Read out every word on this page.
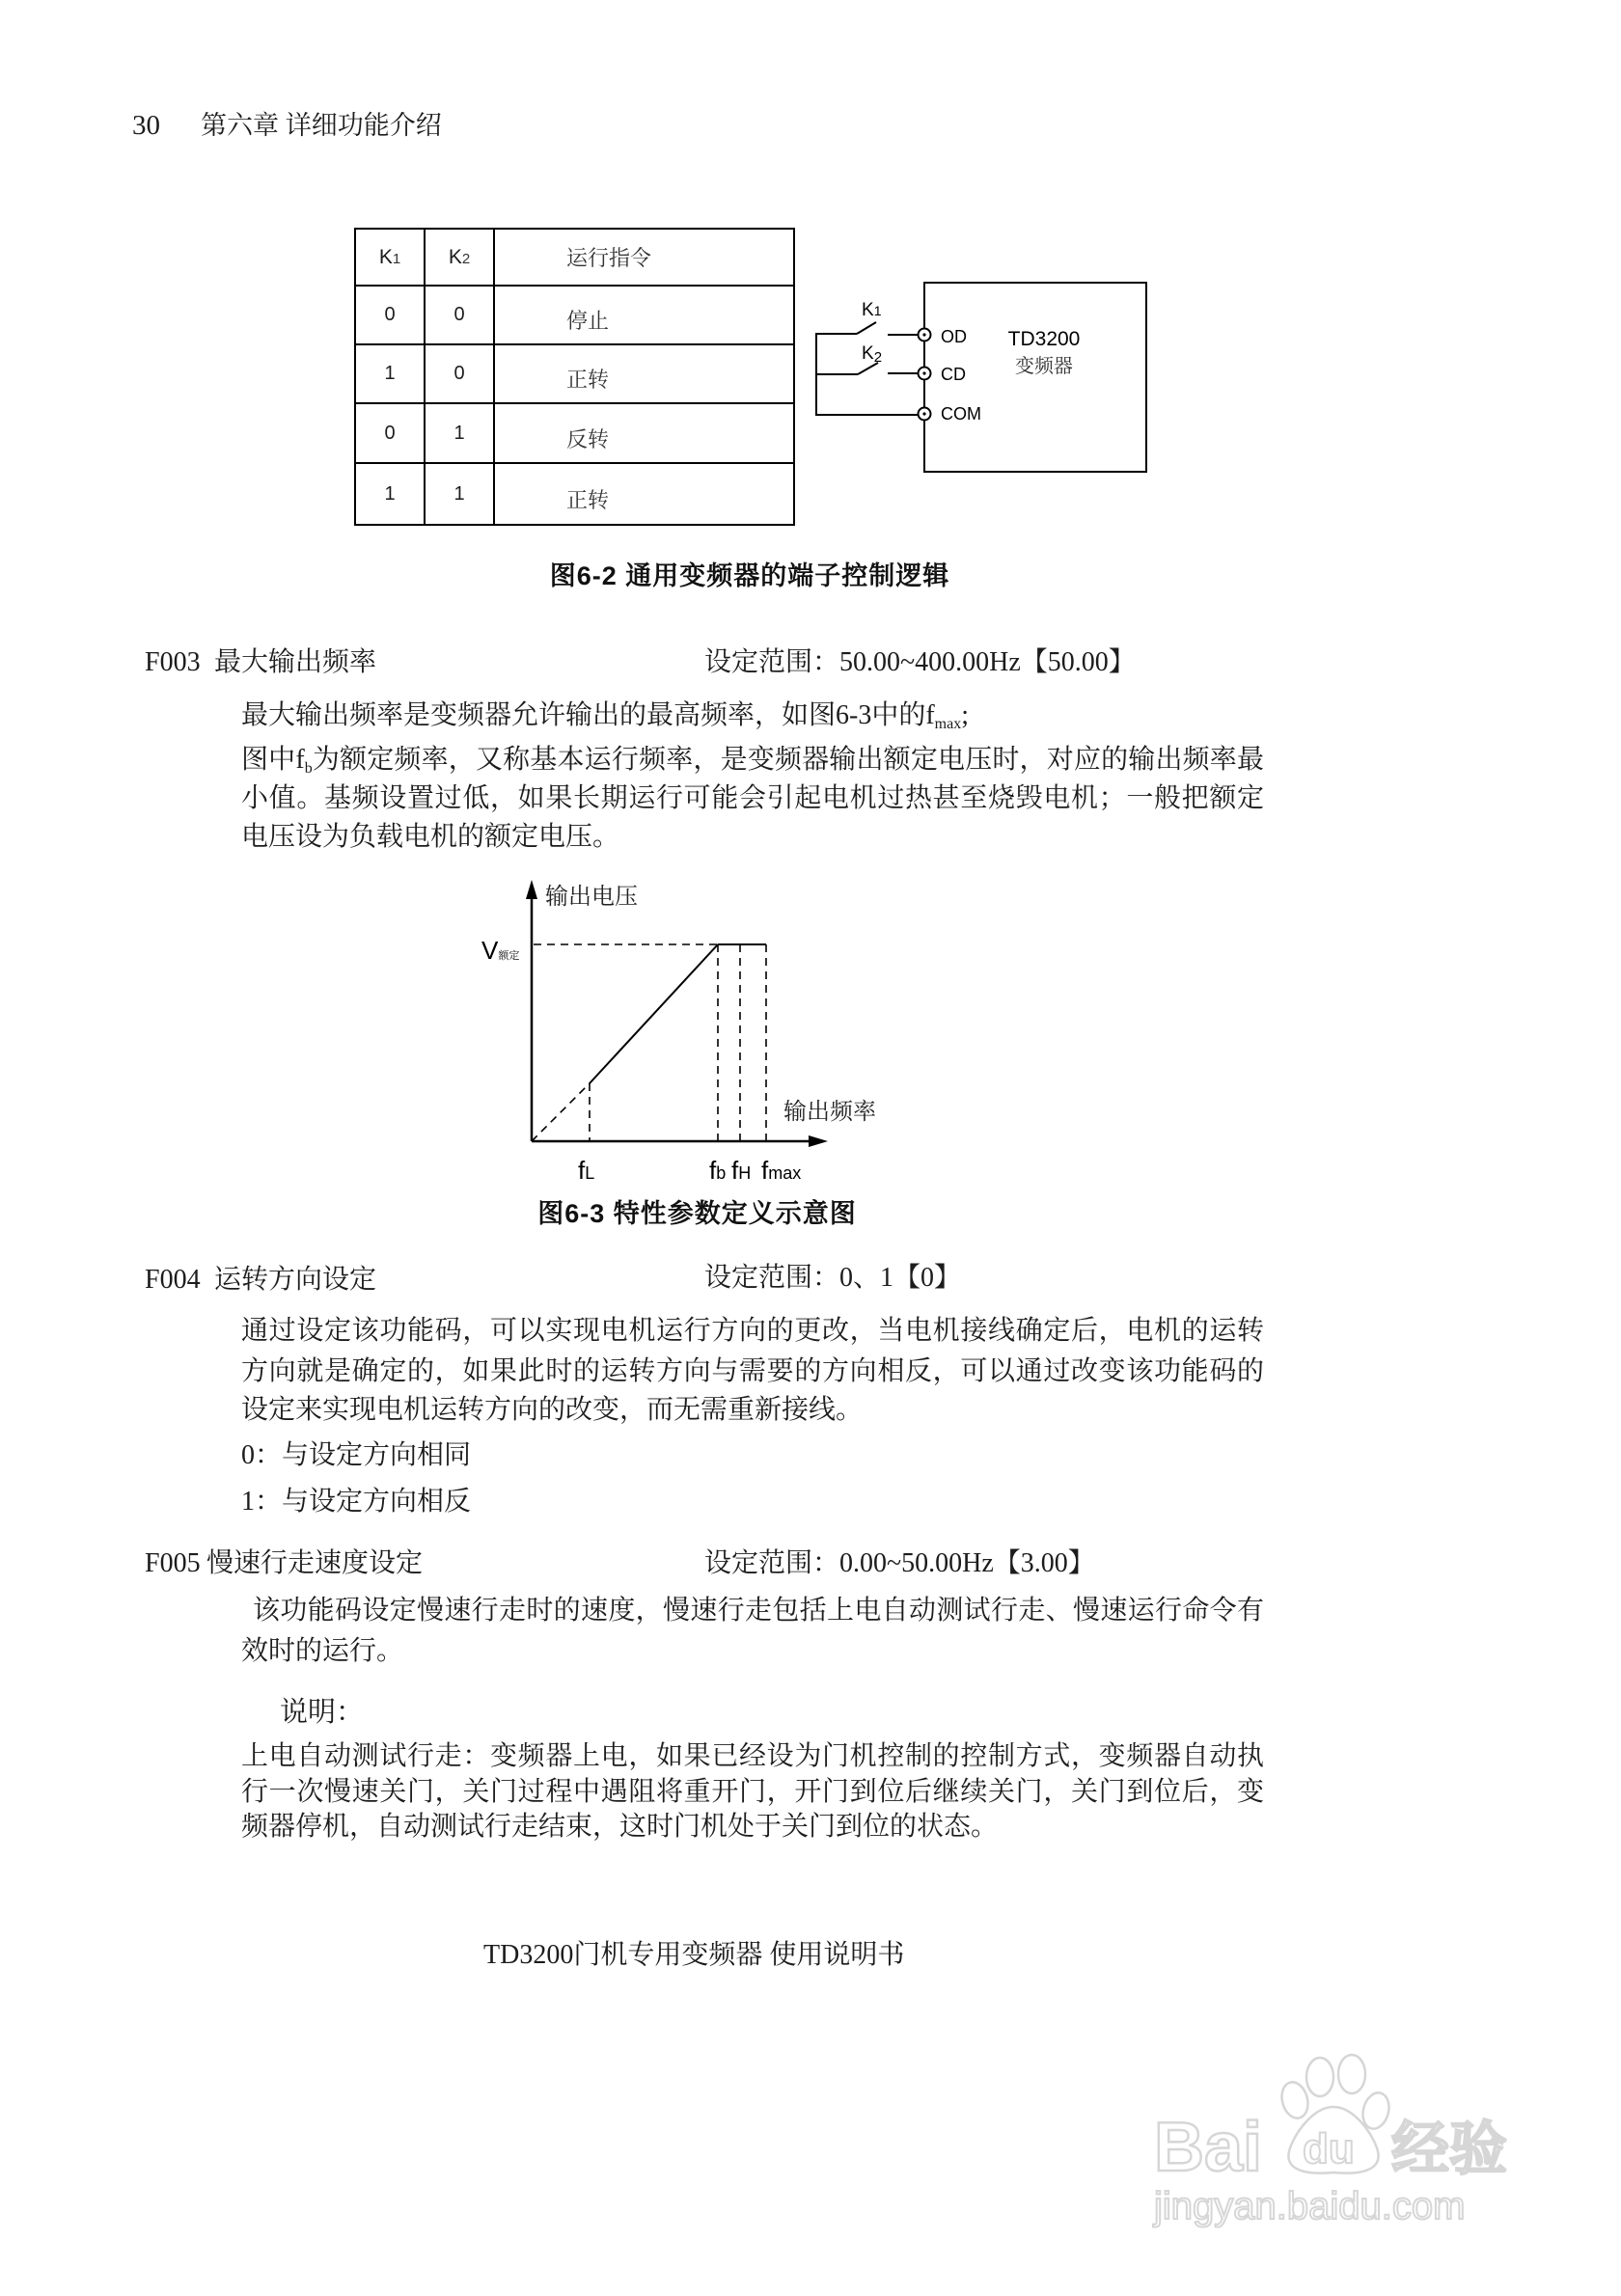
30 第六章 详细功能介绍
K1	K2	运行指令
0	0	停止
1	0	正转
0	1	反转
1	1	正转
K1
K2
OD
CD
COM
TD3200
变频器
图6-2 通用变频器的端子控制逻辑
F003 最大输出频率	设定范围：50.00~400.00Hz【50.00】
最大输出频率是变频器允许输出的最高频率，如图6-3中的$f_{max}$;
图中$f_b$为额定频率，又称基本运行频率，是变频器输出额定电压时，对应的输出频率最
小值。基频设置过低，如果长期运行可能会引起电机过热甚至烧毁电机；一般把额定
电压设为负载电机的额定电压。
输出电压
输出频率
V额定
fL	fb fH fmax
图6-3 特性参数定义示意图
F004 运转方向设定	设定范围：0、1【0】
通过设定该功能码，可以实现电机运行方向的更改，当电机接线确定后，电机的运转
方向就是确定的，如果此时的运转方向与需要的方向相反，可以通过改变该功能码的
设定来实现电机运转方向的改变，而无需重新接线。
0：与设定方向相同
1：与设定方向相反
F005 慢速行走速度设定	设定范围：0.00~50.00Hz【3.00】
该功能码设定慢速行走时的速度，慢速行走包括上电自动测试行走、慢速运行命令有
效时的运行。
说明：
上电自动测试行走：变频器上电，如果已经设为门机控制的控制方式，变频器自动执
行一次慢速关门，关门过程中遇阻将重开门，开门到位后继续关门，关门到位后，变
频器停机，自动测试行走结束，这时门机处于关门到位的状态。
TD3200门机专用变频器 使用说明书
Bai du 经验
jingyan.baidu.com
